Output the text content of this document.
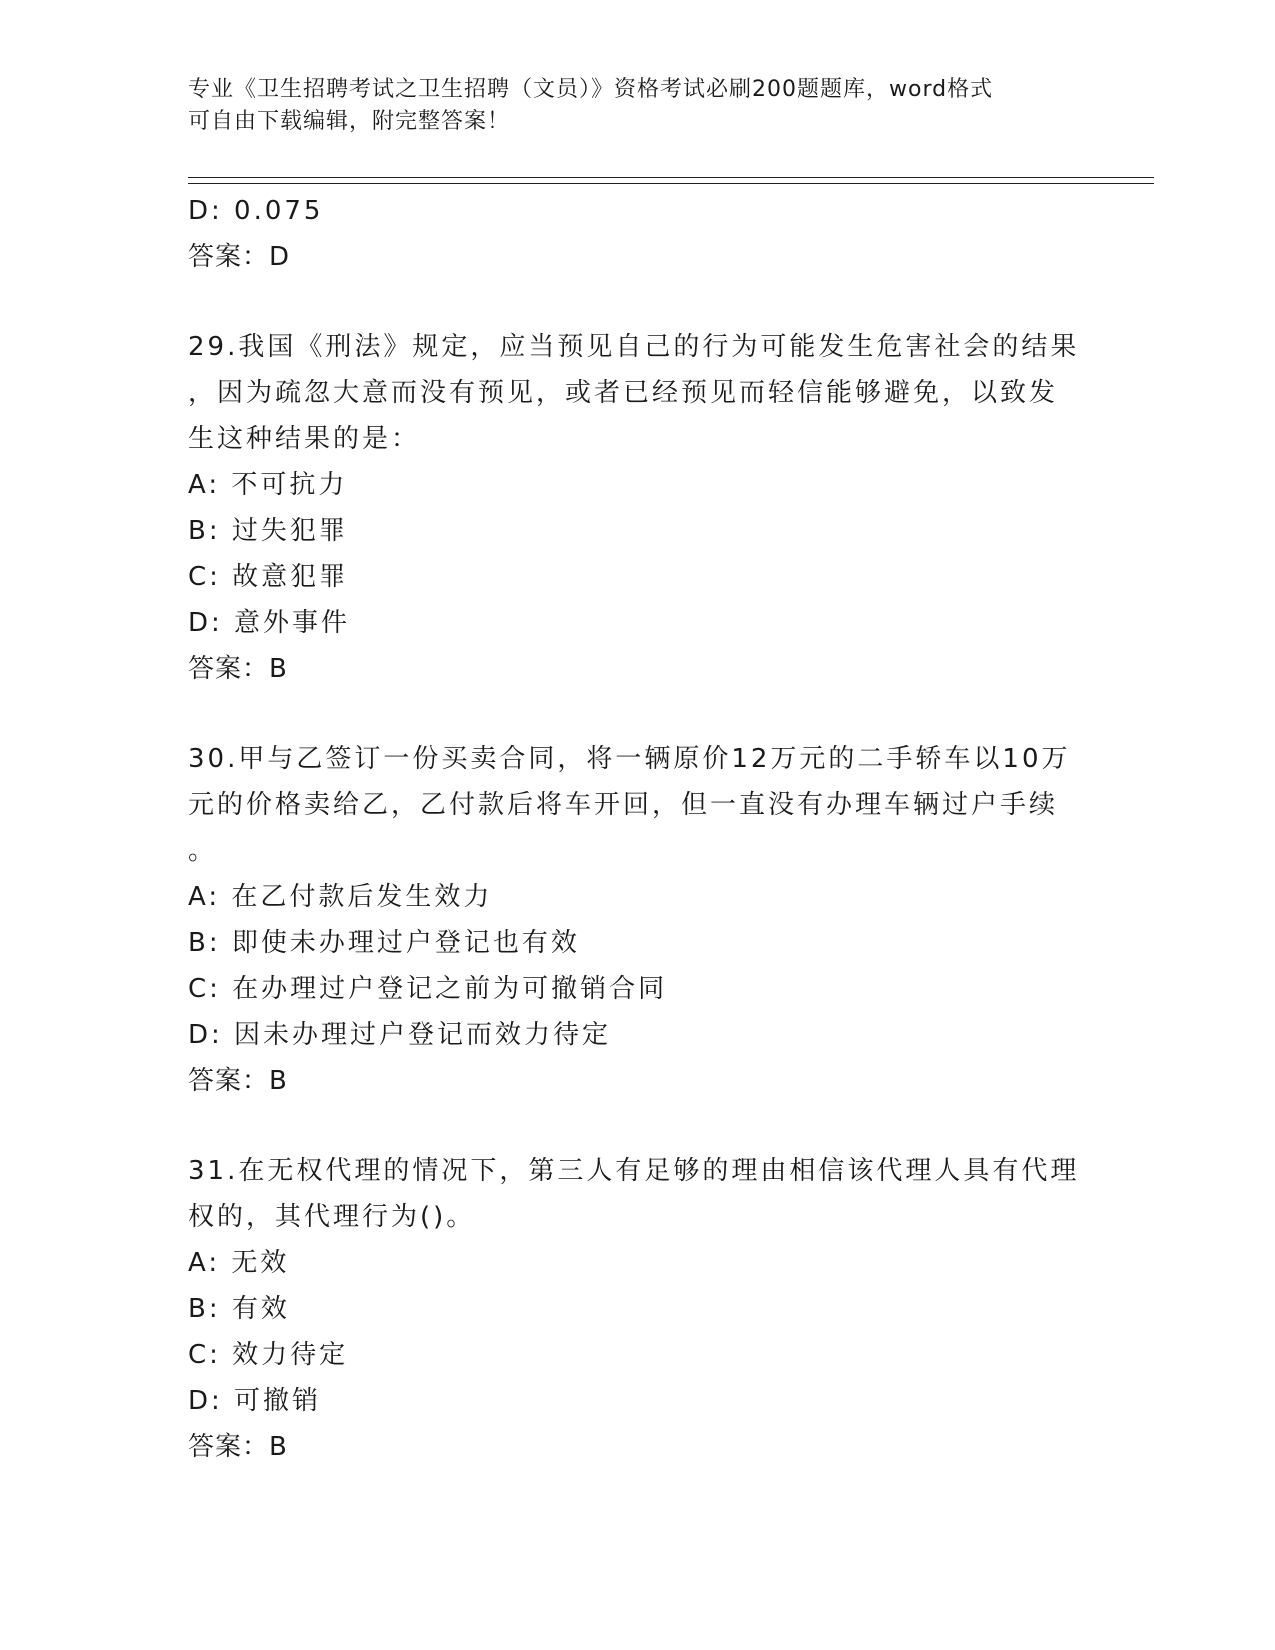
专业《卫生招聘考试之卫生招聘（文员）》资格考试必刷200题题库，word格式
可自由下载编辑，附完整答案！
D: 0.075
答案：D
29.我国《刑法》规定，应当预见自己的行为可能发生危害社会的结果
，因为疏忽大意而没有预见，或者已经预见而轻信能够避免，以致发
生这种结果的是：
A: 不可抗力
B: 过失犯罪
C: 故意犯罪
D: 意外事件
答案：B
30.甲与乙签订一份买卖合同，将一辆原价12万元的二手轿车以10万
元的价格卖给乙，乙付款后将车开回，但一直没有办理车辆过户手续
。
A: 在乙付款后发生效力
B: 即使未办理过户登记也有效
C: 在办理过户登记之前为可撤销合同
D: 因未办理过户登记而效力待定
答案：B
31.在无权代理的情况下，第三人有足够的理由相信该代理人具有代理
权的，其代理行为()。
A: 无效
B: 有效
C: 效力待定
D: 可撤销
答案：B
